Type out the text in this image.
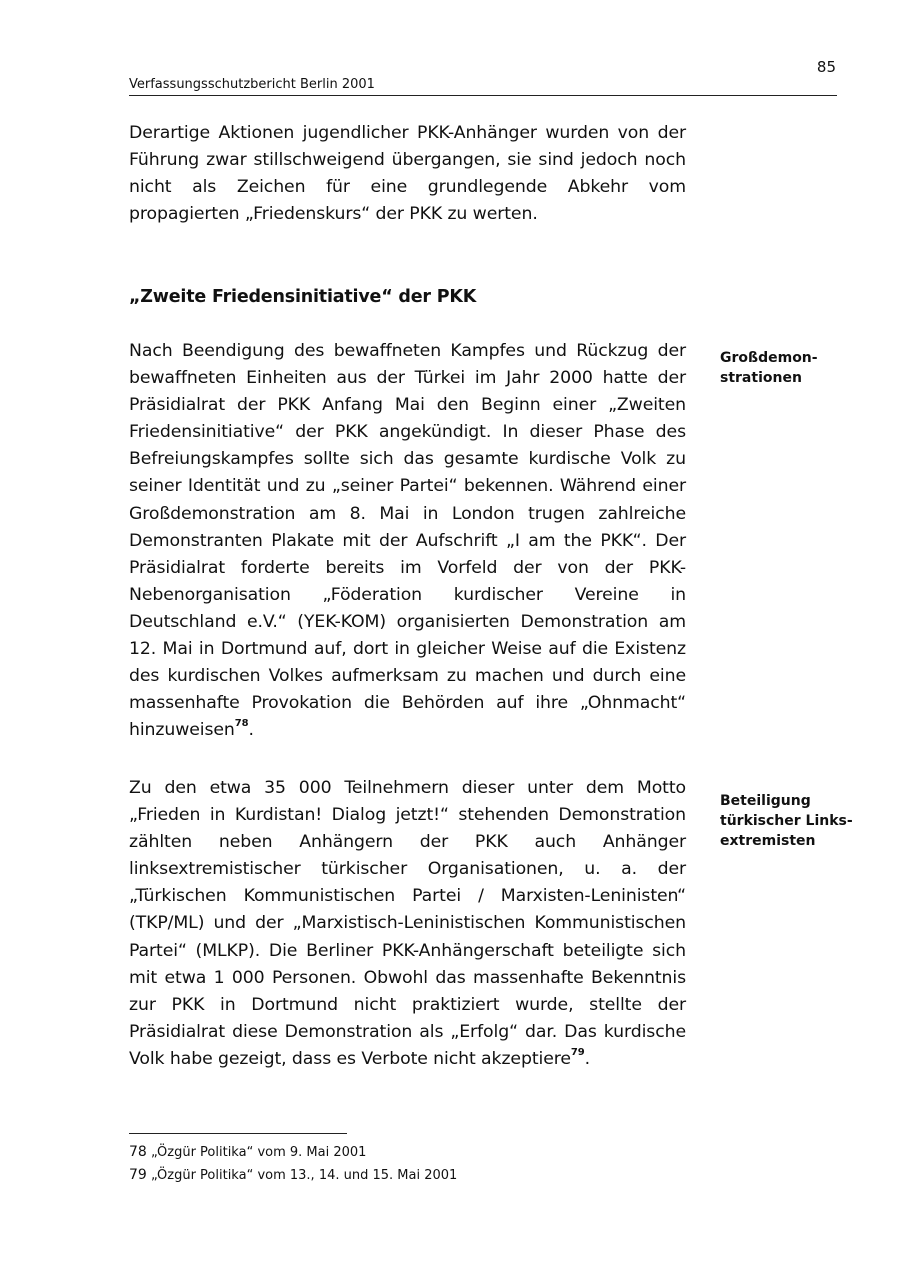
85
Verfassungsschutzbericht Berlin 2001

Derartige Aktionen jugendlicher PKK-Anhänger wurden von der Führung zwar stillschweigend übergangen, sie sind jedoch noch nicht als Zeichen für eine grundlegende Abkehr vom propagierten „Friedenskurs“ der PKK zu werten.

„Zweite Friedensinitiative“ der PKK

Nach Beendigung des bewaffneten Kampfes und Rückzug der bewaffneten Einheiten aus der Türkei im Jahr 2000 hatte der Präsidialrat der PKK Anfang Mai den Beginn einer „Zweiten Friedensinitiative“ der PKK angekündigt. In dieser Phase des Befreiungskampfes sollte sich das gesamte kurdische Volk zu seiner Identität und zu „seiner Partei“ bekennen. Während einer Großdemonstration am 8. Mai in London trugen zahlreiche Demonstranten Plakate mit der Aufschrift „I am the PKK“. Der Präsidialrat forderte bereits im Vorfeld der von der PKK-Nebenorganisation „Föderation kurdischer Vereine in Deutschland e.V.“ (YEK-KOM) organisierten Demonstration am 12. Mai in Dortmund auf, dort in gleicher Weise auf die Existenz des kurdischen Volkes aufmerksam zu machen und durch eine massenhafte Provokation die Behörden auf ihre „Ohnmacht“ hinzuweisen$^{78}$.

Zu den etwa 35 000 Teilnehmern dieser unter dem Motto „Frieden in Kurdistan! Dialog jetzt!“ stehenden Demonstration zählten neben Anhängern der PKK auch Anhänger linksextremistischer türkischer Organisationen, u. a. der „Türkischen Kommunistischen Partei / Marxisten-Leninisten“ (TKP/ML) und der „Marxistisch-Leninistischen Kommunistischen Partei“ (MLKP). Die Berliner PKK-Anhängerschaft beteiligte sich mit etwa 1 000 Personen. Obwohl das massenhafte Bekenntnis zur PKK in Dortmund nicht praktiziert wurde, stellte der Präsidialrat diese Demonstration als „Erfolg“ dar. Das kurdische Volk habe gezeigt, dass es Verbote nicht akzeptiere$^{79}$.

Großdemon-
strationen
Beteiligung
türkischer Links-
extremisten
78 „Özgür Politika“ vom 9. Mai 2001
79 „Özgür Politika“ vom 13., 14. und 15. Mai 2001
